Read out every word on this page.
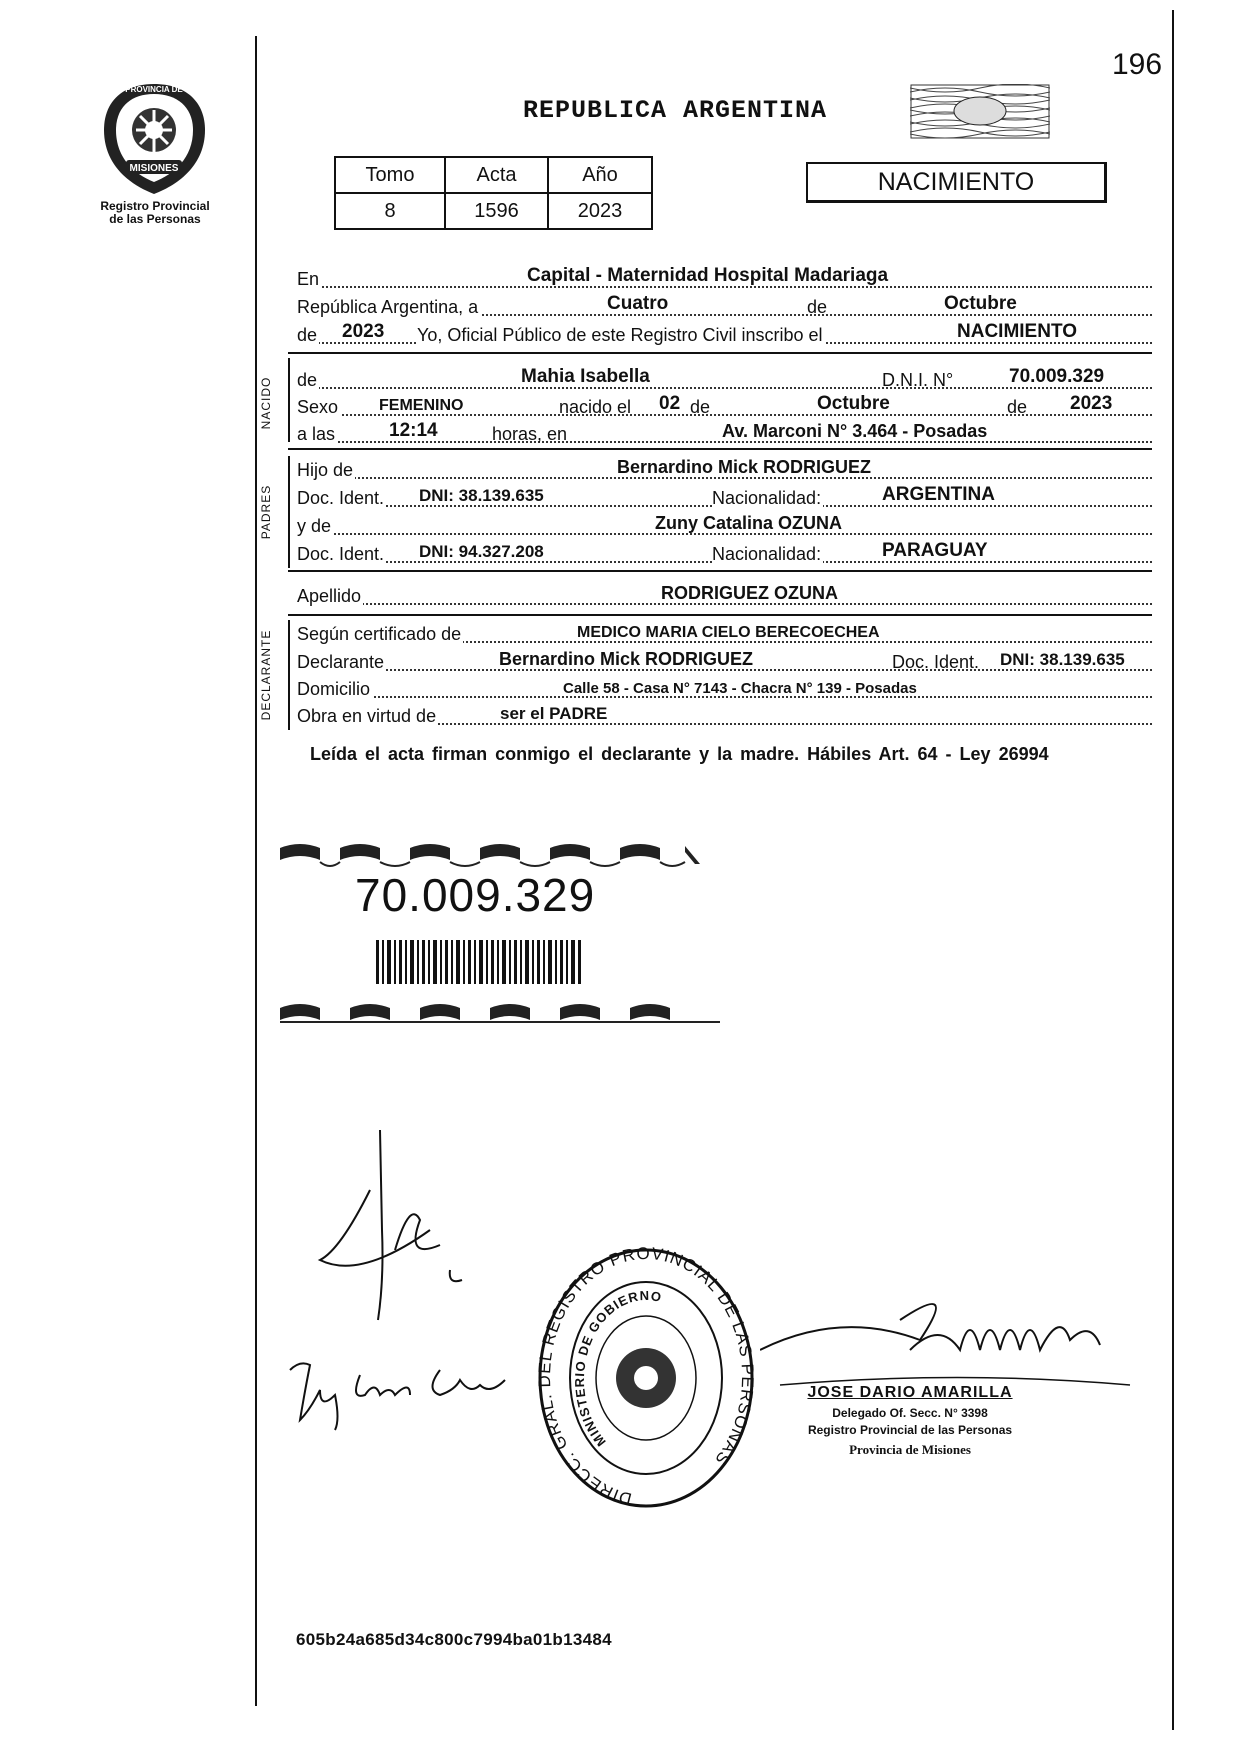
MISIONES
PROVINCIA DE
Registro Provincial
de las Personas
196
REPUBLICA ARGENTINA
Tomo	Acta	Año
8	1596	2023
NACIMIENTO
En	Capital - Maternidad Hospital Madariaga
República Argentina, a	Cuatro	de	Octubre
de 2023 Yo, Oficial Público de este Registro Civil inscribo el	NACIMIENTO
NACIDO de	Mahia Isabella	D.N.I. N°	70.009.329
Sexo	FEMENINO	nacido el 02 de	Octubre	de 2023
a las	12:14	horas, en	Av. Marconi N° 3.464 - Posadas
PADRES
Hijo de	Bernardino Mick RODRIGUEZ
Doc. Ident. DNI: 38.139.635	Nacionalidad:	ARGENTINA
y de	Zuny Catalina OZUNA
Doc. Ident. DNI: 94.327.208	Nacionalidad:	PARAGUAY
Apellido	RODRIGUEZ OZUNA
DECLARANTE Según certificado de	MEDICO MARIA CIELO BERECOECHEA
Declarante	Bernardino Mick RODRIGUEZ	Doc. Ident. DNI: 38.139.635
Domicilio	Calle 58 - Casa N° 7143 - Chacra N° 139 - Posadas
Obra en virtud de	ser el PADRE
Leída el acta firman conmigo el declarante y la madre. Hábiles Art. 64 - Ley 26994
70.009.329
DIRECC. GRAL. DEL REGISTRO PROVINCIAL DE LAS PERSONAS
MINISTERIO DE GOBIERNO
JOSE DARIO AMARILLA
Delegado Of. Secc. N° 3398
Registro Provincial de las Personas
Provincia de Misiones
605b24a685d34c800c7994ba01b13484
